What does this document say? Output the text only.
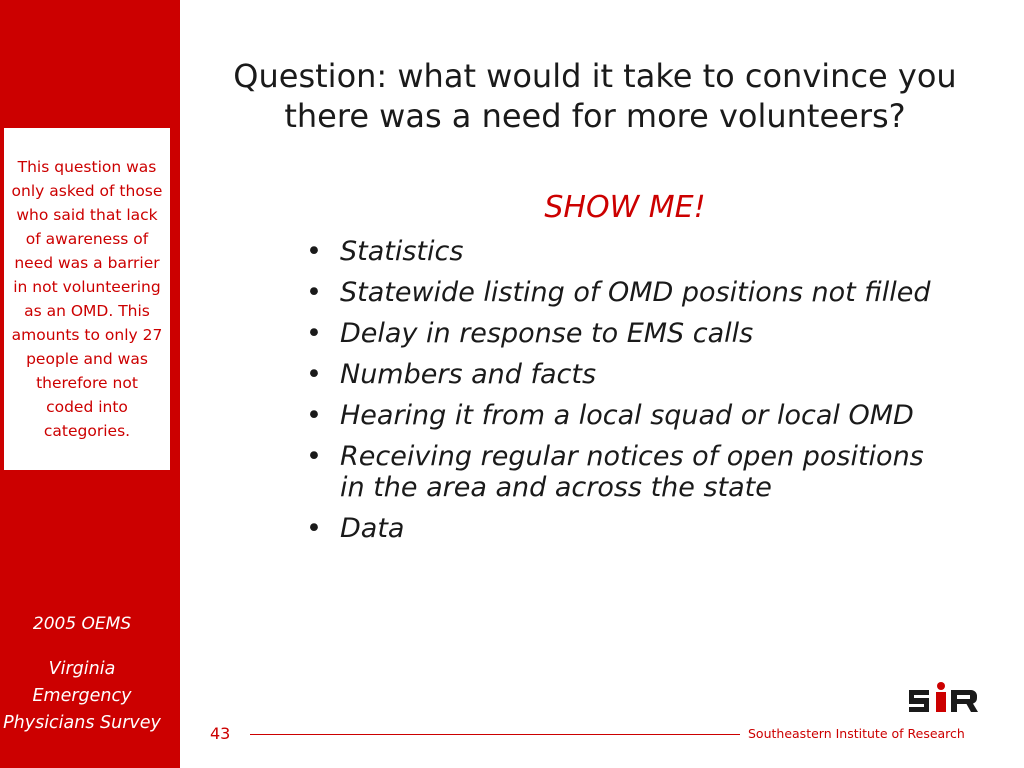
This question was only asked of those who said that lack of awareness of need was a barrier in not volunteering as an OMD. This amounts to only 27 people and was therefore not coded into categories.
2005 OEMS
Virginia Emergency Physicians Survey
Question: what would it take to convince you there was a need for more volunteers?
SHOW ME!
• Statistics
• Statewide listing of OMD positions not filled
• Delay in response to EMS calls
• Numbers and facts
• Hearing it from a local squad or local OMD
• Receiving regular notices of open positions in the area and across the state
• Data
43	Southeastern Institute of Research
